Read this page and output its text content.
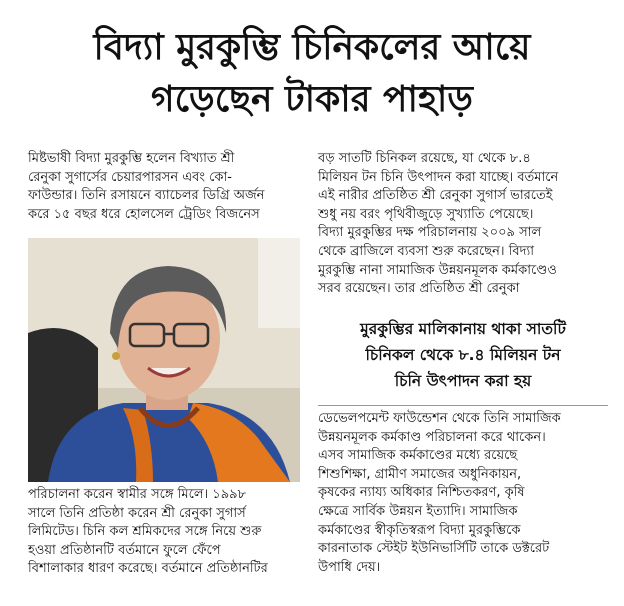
বিদ্যা মুরকুম্ভি চিনিকলের আয়ে
গড়েছেন টাকার পাহাড়

মিষ্টভাষী বিদ্যা মুরকুম্ভি হলেন বিখ্যাত শ্রী

রেনুকা সুগার্সের চেয়ারপারসন এবং কো-

ফাউন্ডার। তিনি রসায়নে ব্যাচেলর ডিগ্রি অর্জন

করে ১৫ বছর ধরে হোলসেল ট্রেডিং বিজনেস

পরিচালনা করেন স্বামীর সঙ্গে মিলে। ১৯৯৮

সালে তিনি প্রতিষ্ঠা করেন শ্রী রেনুকা সুগার্স

লিমিটেড। চিনি কল শ্রমিকদের সঙ্গে নিয়ে শুরু

হওয়া প্রতিষ্ঠানটি বর্তমানে ফুলে ফেঁপে

বিশালাকার ধারণ করেছে। বর্তমানে প্রতিষ্ঠানটির

বড় সাতটি চিনিকল রয়েছে, যা থেকে ৮.৪

মিলিয়ন টন চিনি উৎপাদন করা যাচ্ছে। বর্তমানে

এই নারীর প্রতিষ্ঠিত শ্রী রেনুকা সুগার্স ভারতেই

শুধু নয় বরং পৃথিবীজুড়ে সুখ্যাতি পেয়েছে।

বিদ্যা মুরকুম্ভির দক্ষ পরিচালনায় ২০০৯ সাল

থেকে ব্রাজিলে ব্যবসা শুরু করেছেন। বিদ্যা

মুরকুম্ভি নানা সামাজিক উন্নয়নমূলক কর্মকাণ্ডেও

সরব রয়েছেন। তার প্রতিষ্ঠিত শ্রী রেনুকা

মুরকুম্ভির মালিকানায় থাকা সাতটি
চিনিকল থেকে ৮.৪ মিলিয়ন টন
চিনি উৎপাদন করা হয়

ডেভেলপমেন্ট ফাউন্ডেশন থেকে তিনি সামাজিক

উন্নয়নমূলক কর্মকাণ্ড পরিচালনা করে থাকেন।

এসব সামাজিক কর্মকাণ্ডের মধ্যে রয়েছে

শিশুশিক্ষা, গ্রামীণ সমাজের অধুনিকায়ন,

কৃষকের ন্যায্য অধিকার নিশ্চিতকরণ, কৃষি

ক্ষেত্রে সার্বিক উন্নয়ন ইত্যাদি। সামাজিক

কর্মকাণ্ডের স্বীকৃতিস্বরূপ বিদ্যা মুরকুম্ভিকে

কারনাতাক স্টেইট ইউনিভার্সিটি তাকে ডক্টরেট

উপাধি দেয়।
